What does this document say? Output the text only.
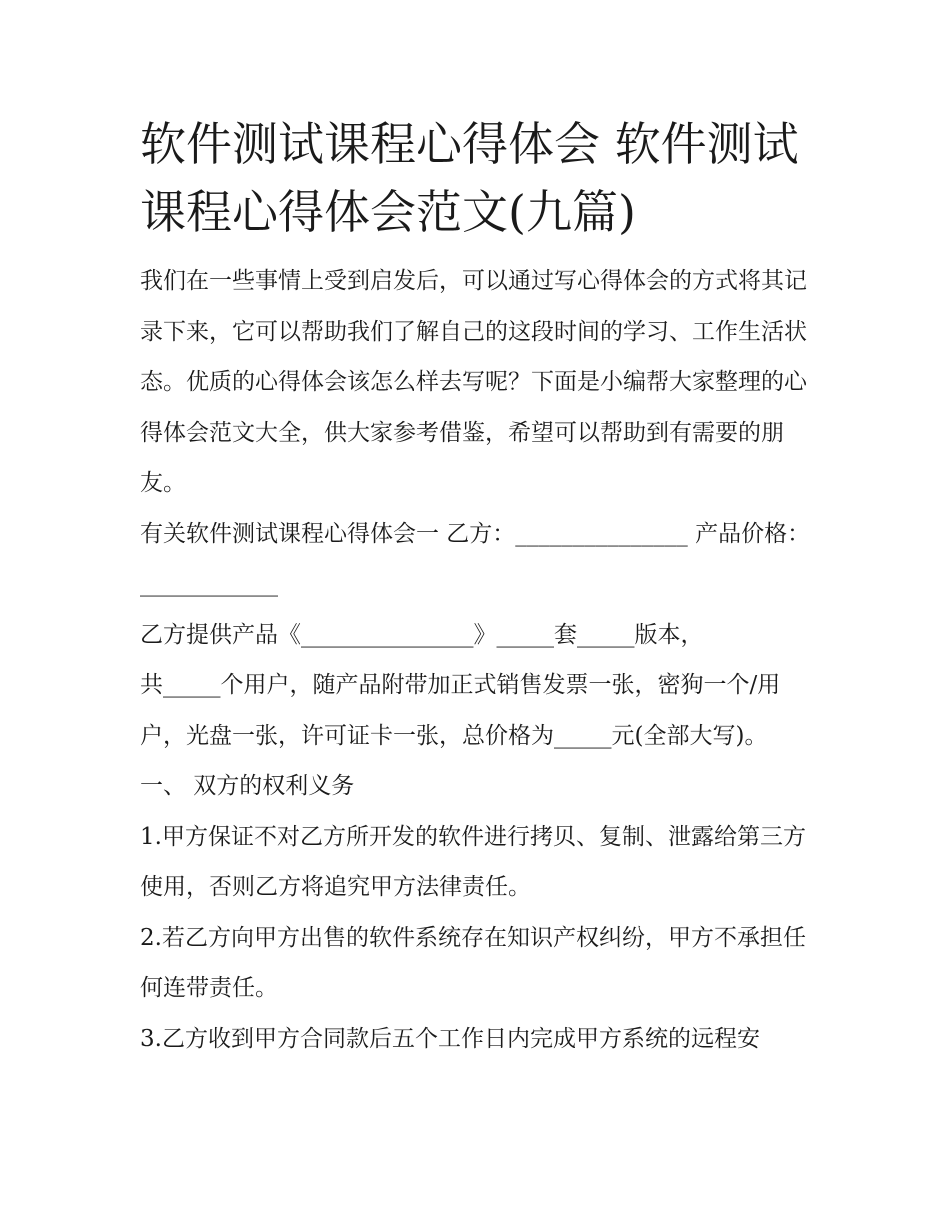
软件测试课程心得体会 软件测试课程心得体会范文(九篇)

我们在一些事情上受到启发后，可以通过写心得体会的方式将其记录下来，它可以帮助我们了解自己的这段时间的学习、工作生活状态。优质的心得体会该怎么样去写呢？下面是小编帮大家整理的心得体会范文大全，供大家参考借鉴，希望可以帮助到有需要的朋友。

有关软件测试课程心得体会一 乙方：_______________ 产品价格：____________

乙方提供产品《_______________》_____套_____版本，

共_____个用户，随产品附带加正式销售发票一张，密狗一个/用户，光盘一张，许可证卡一张，总价格为_____元(全部大写)。 一、 双方的权利义务

1.甲方保证不对乙方所开发的软件进行拷贝、复制、泄露给第三方使用，否则乙方将追究甲方法律责任。

2.若乙方向甲方出售的软件系统存在知识产权纠纷，甲方不承担任何连带责任。

3.乙方收到甲方合同款后五个工作日内完成甲方系统的远程安
